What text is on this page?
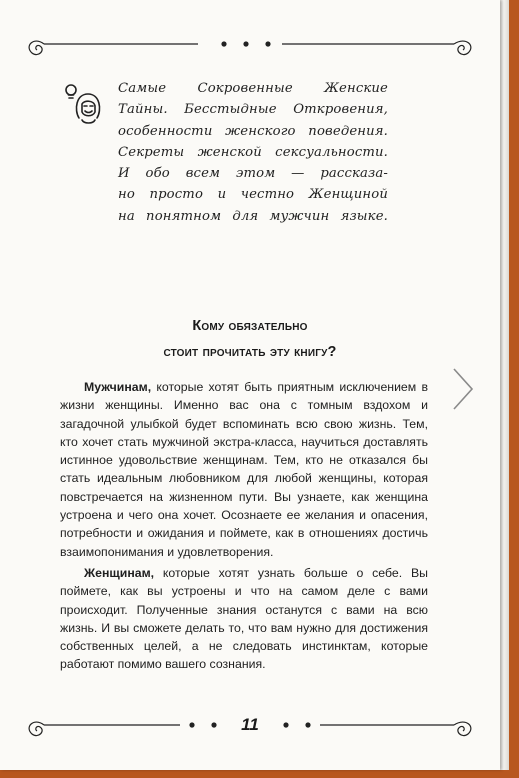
Самые Сокровенные Женские
Тайны. Бесстыдные Откровения,
особенности женского поведения.
Секреты женской сексуальности.
И обо всем этом — рассказа-
но просто и честно Женщиной
на понятном для мужчин языке.
Кому обязательно
стоит прочитать эту книгу?

Мужчинам, которые хотят быть приятным исключением в жизни женщины. Именно вас она с томным вздохом и загадочной улыбкой будет вспоминать всю свою жизнь. Тем, кто хочет стать мужчиной экстра-класса, научиться доставлять истинное удовольствие женщинам. Тем, кто не отказался бы стать идеальным любовником для любой женщины, которая повстречается на жизненном пути. Вы узнаете, как женщина устроена и чего она хочет. Осознаете ее желания и опасения, потребности и ожидания и поймете, как в отношениях достичь взаимопонимания и удовлетворения.

Женщинам, которые хотят узнать больше о себе. Вы поймете, как вы устроены и что на самом деле с вами происходит. Полученные знания останутся с вами на всю жизнь. И вы сможете делать то, что вам нужно для достижения собственных целей, а не следовать инстинктам, которые работают помимо вашего сознания.

11
